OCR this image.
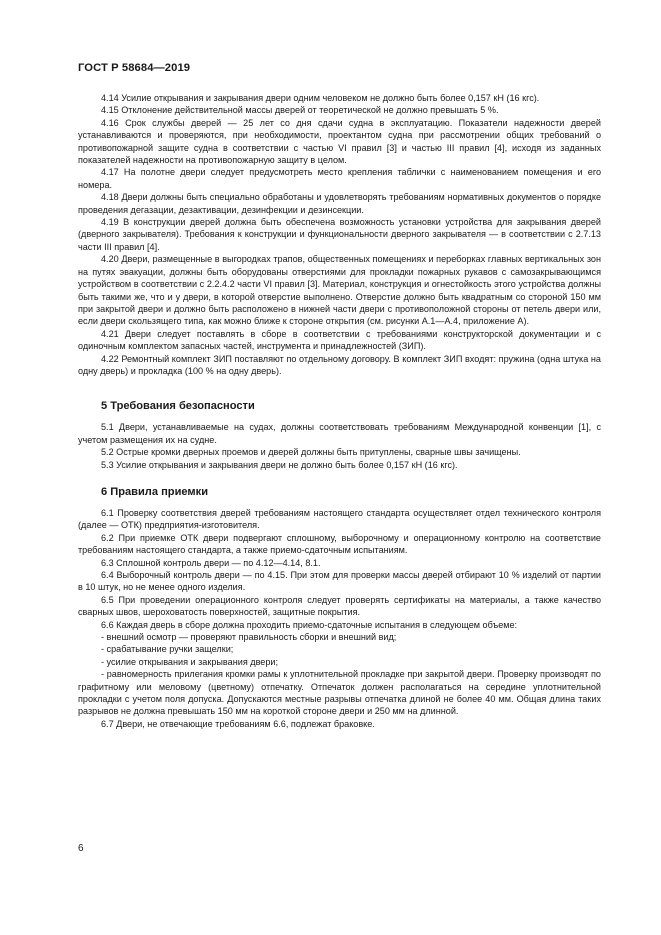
ГОСТ Р 58684—2019

4.14 Усилие открывания и закрывания двери одним человеком не должно быть более 0,157 кН (16 кгс).

4.15 Отклонение действительной массы дверей от теоретической не должно превышать 5 %.

4.16 Срок службы дверей — 25 лет со дня сдачи судна в эксплуатацию. Показатели надежности дверей устанавливаются и проверяются, при необходимости, проектантом судна при рассмотрении общих требований о противопожарной защите судна в соответствии с частью VI правил [3] и частью III правил [4], исходя из заданных показателей надежности на противопожарную защиту в целом.

4.17 На полотне двери следует предусмотреть место крепления таблички с наименованием помещения и его номера.

4.18 Двери должны быть специально обработаны и удовлетворять требованиям нормативных документов о порядке проведения дегазации, дезактивации, дезинфекции и дезинсекции.

4.19 В конструкции дверей должна быть обеспечена возможность установки устройства для закрывания дверей (дверного закрывателя). Требования к конструкции и функциональности дверного закрывателя — в соответствии с 2.7.13 части III правил [4].

4.20 Двери, размещенные в выгородках трапов, общественных помещениях и переборках главных вертикальных зон на путях эвакуации, должны быть оборудованы отверстиями для прокладки пожарных рукавов с самозакрывающимся устройством в соответствии с 2.2.4.2 части VI правил [3]. Материал, конструкция и огнестойкость этого устройства должны быть такими же, что и у двери, в которой отверстие выполнено. Отверстие должно быть квадратным со стороной 150 мм при закрытой двери и должно быть расположено в нижней части двери с противоположной стороны от петель двери или, если двери скользящего типа, как можно ближе к стороне открытия (см. рисунки А.1—А.4, приложение А).

4.21 Двери следует поставлять в сборе в соответствии с требованиями конструкторской документации и с одиночным комплектом запасных частей, инструмента и принадлежностей (ЗИП).

4.22 Ремонтный комплект ЗИП поставляют по отдельному договору. В комплект ЗИП входят: пружина (одна штука на одну дверь) и прокладка (100 % на одну дверь).

5 Требования безопасности

5.1 Двери, устанавливаемые на судах, должны соответствовать требованиям Международной конвенции [1], с учетом размещения их на судне.

5.2 Острые кромки дверных проемов и дверей должны быть притуплены, сварные швы зачищены.

5.3 Усилие открывания и закрывания двери не должно быть более 0,157 кН (16 кгс).

6 Правила приемки

6.1 Проверку соответствия дверей требованиям настоящего стандарта осуществляет отдел технического контроля (далее — ОТК) предприятия-изготовителя.

6.2 При приемке ОТК двери подвергают сплошному, выборочному и операционному контролю на соответствие требованиям настоящего стандарта, а также приемо-сдаточным испытаниям.

6.3 Сплошной контроль двери — по 4.12—4.14, 8.1.

6.4 Выборочный контроль двери — по 4.15. При этом для проверки массы дверей отбирают 10 % изделий от партии в 10 штук, но не менее одного изделия.

6.5 При проведении операционного контроля следует проверять сертификаты на материалы, а также качество сварных швов, шероховатость поверхностей, защитные покрытия.

6.6 Каждая дверь в сборе должна проходить приемо-сдаточные испытания в следующем объеме:

- внешний осмотр — проверяют правильность сборки и внешний вид;

- срабатывание ручки защелки;

- усилие открывания и закрывания двери;

- равномерность прилегания кромки рамы к уплотнительной прокладке при закрытой двери. Проверку производят по графитному или меловому (цветному) отпечатку. Отпечаток должен располагаться на середине уплотнительной прокладки с учетом поля допуска. Допускаются местные разрывы отпечатка длиной не более 40 мм. Общая длина таких разрывов не должна превышать 150 мм на короткой стороне двери и 250 мм на длинной.

6.7 Двери, не отвечающие требованиям 6.6, подлежат браковке.

6
